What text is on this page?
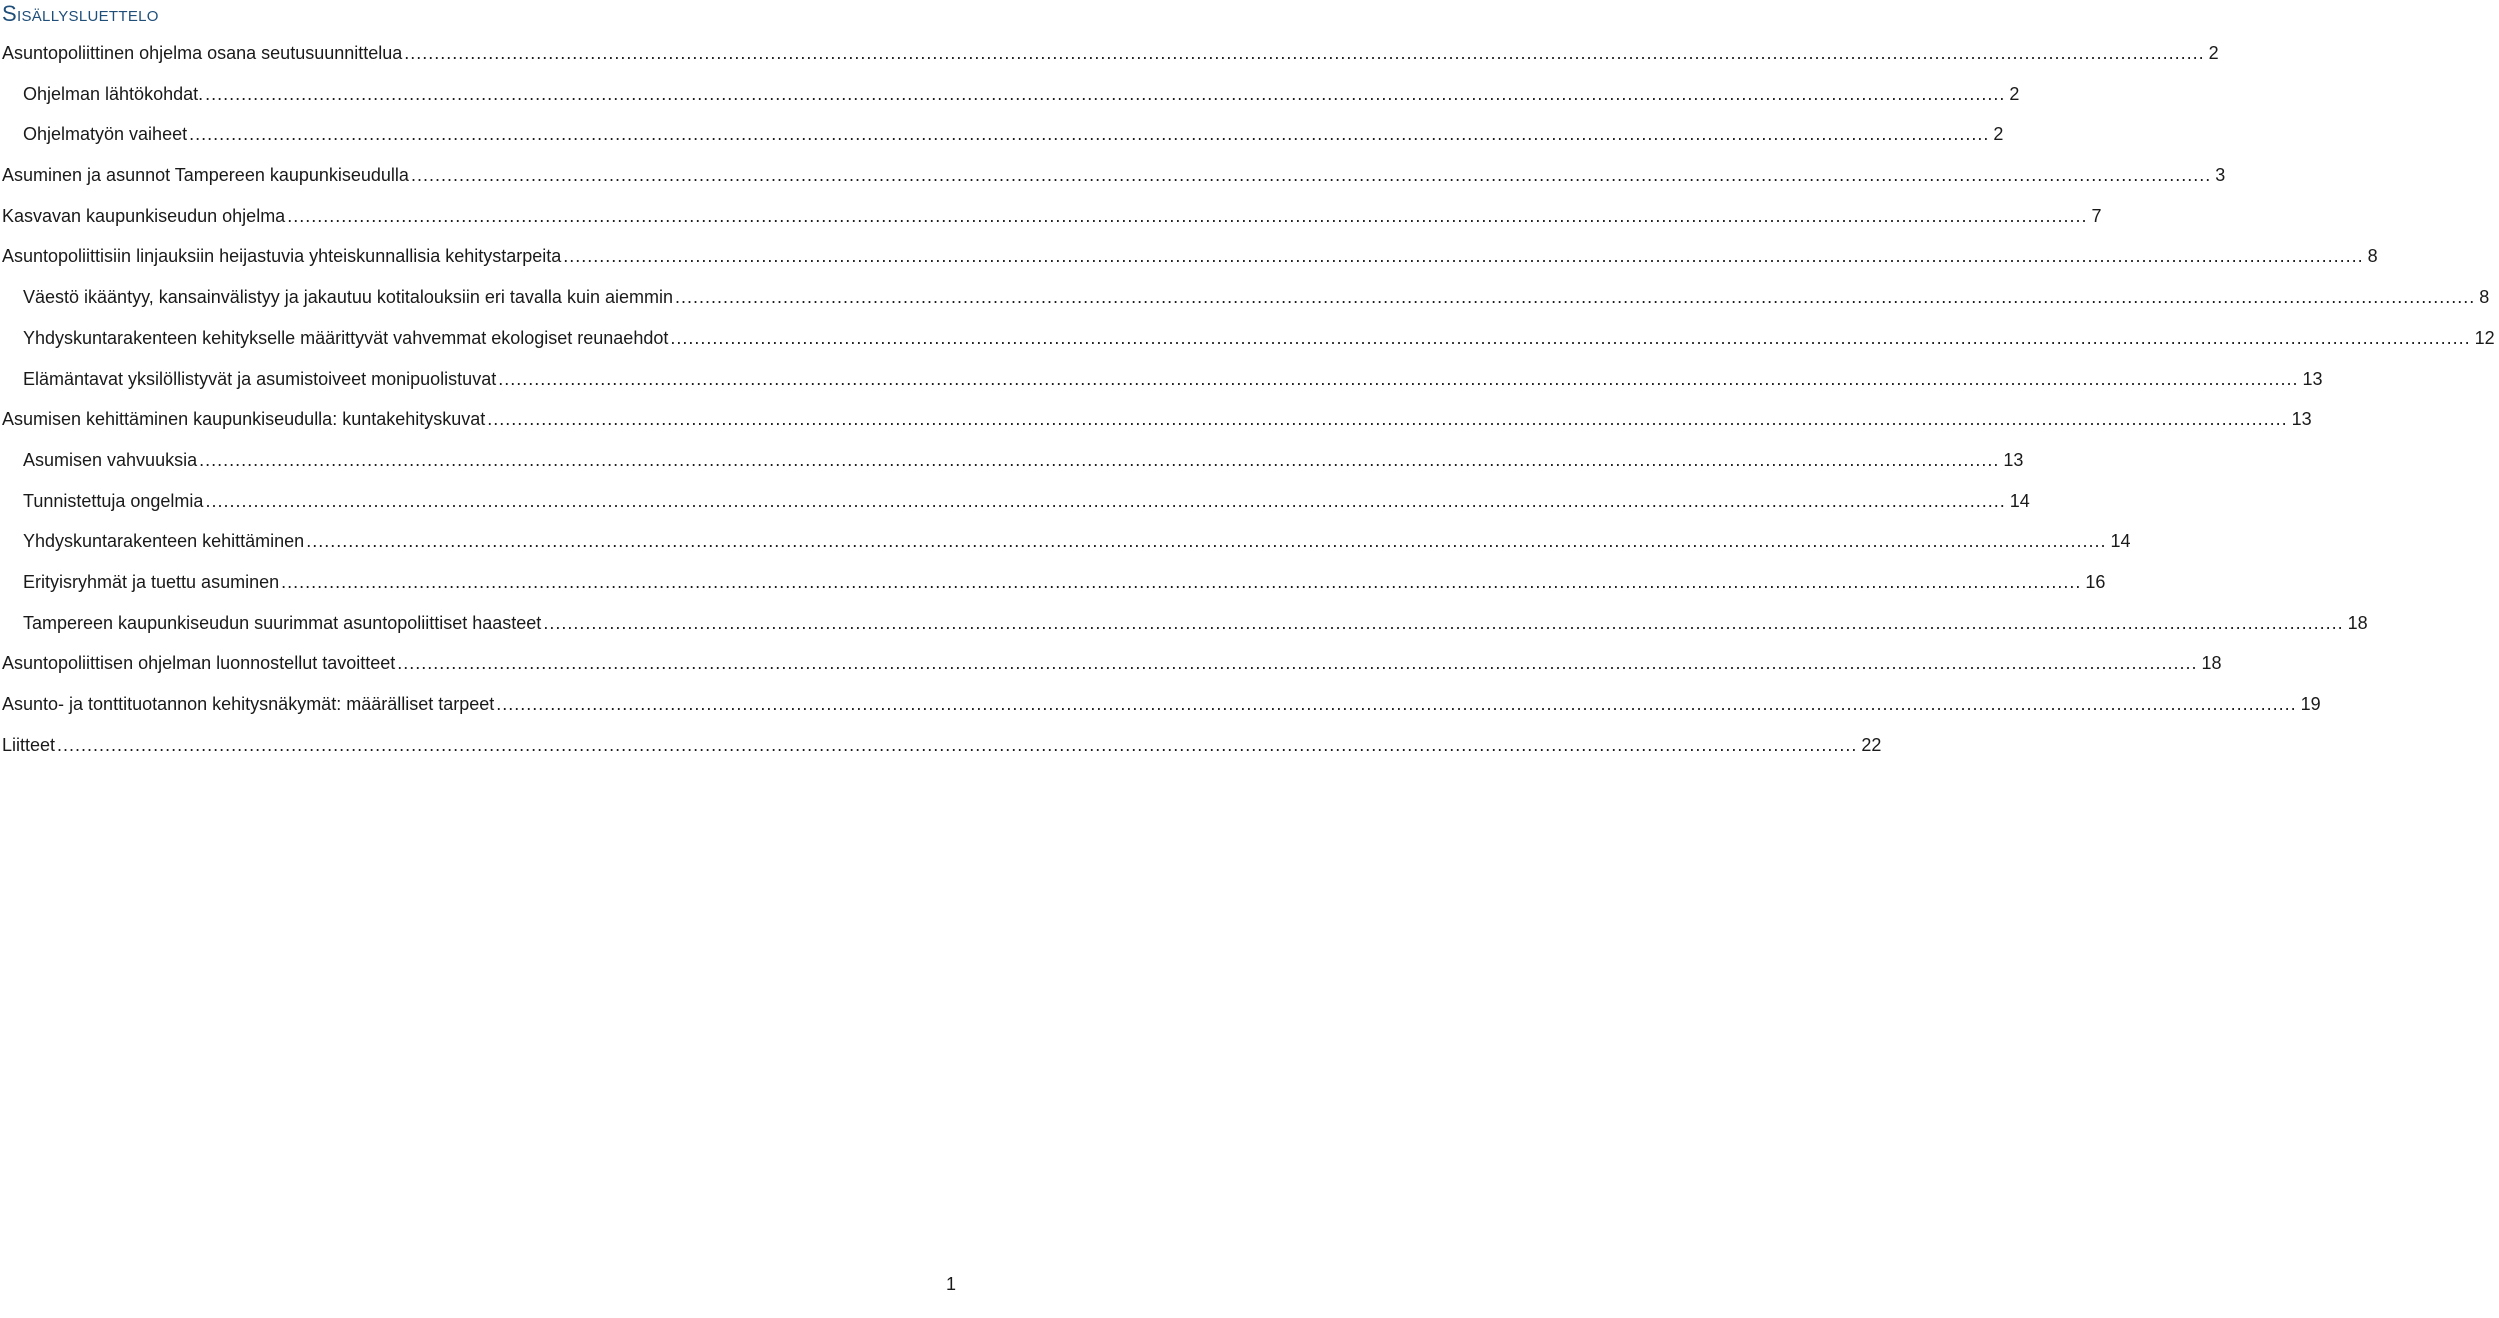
Sisällysluettelo
Asuntopoliittinen ohjelma osana seutusuunnittelua ............................................................................................................................................................................................................................................................................................................ 2
Ohjelman lähtökohdat. ............................................................................................................................................................................................................................................................................................................ 2
Ohjelmatyön vaiheet ............................................................................................................................................................................................................................................................................................................ 2
Asuminen ja asunnot Tampereen kaupunkiseudulla ............................................................................................................................................................................................................................................................................................................ 3
Kasvavan kaupunkiseudun ohjelma ............................................................................................................................................................................................................................................................................................................ 7
Asuntopoliittisiin linjauksiin heijastuvia yhteiskunnallisia kehitystarpeita ............................................................................................................................................................................................................................................................................................................ 8
Väestö ikääntyy, kansainvälistyy ja jakautuu kotitalouksiin eri tavalla kuin aiemmin ............................................................................................................................................................................................................................................................................................................ 8
Yhdyskuntarakenteen kehitykselle määrittyvät vahvemmat ekologiset reunaehdot ............................................................................................................................................................................................................................................................................................................ 12
Elämäntavat yksilöllistyvät ja asumistoiveet monipuolistuvat ............................................................................................................................................................................................................................................................................................................ 13
Asumisen kehittäminen kaupunkiseudulla: kuntakehityskuvat ............................................................................................................................................................................................................................................................................................................ 13
Asumisen vahvuuksia ............................................................................................................................................................................................................................................................................................................ 13
Tunnistettuja ongelmia ............................................................................................................................................................................................................................................................................................................ 14
Yhdyskuntarakenteen kehittäminen ............................................................................................................................................................................................................................................................................................................ 14
Erityisryhmät ja tuettu asuminen ............................................................................................................................................................................................................................................................................................................ 16
Tampereen kaupunkiseudun suurimmat asuntopoliittiset haasteet ............................................................................................................................................................................................................................................................................................................ 18
Asuntopoliittisen ohjelman luonnostellut tavoitteet ............................................................................................................................................................................................................................................................................................................ 18
Asunto- ja tonttituotannon kehitysnäkymät: määrälliset tarpeet ............................................................................................................................................................................................................................................................................................................ 19
Liitteet ............................................................................................................................................................................................................................................................................................................ 22
1
